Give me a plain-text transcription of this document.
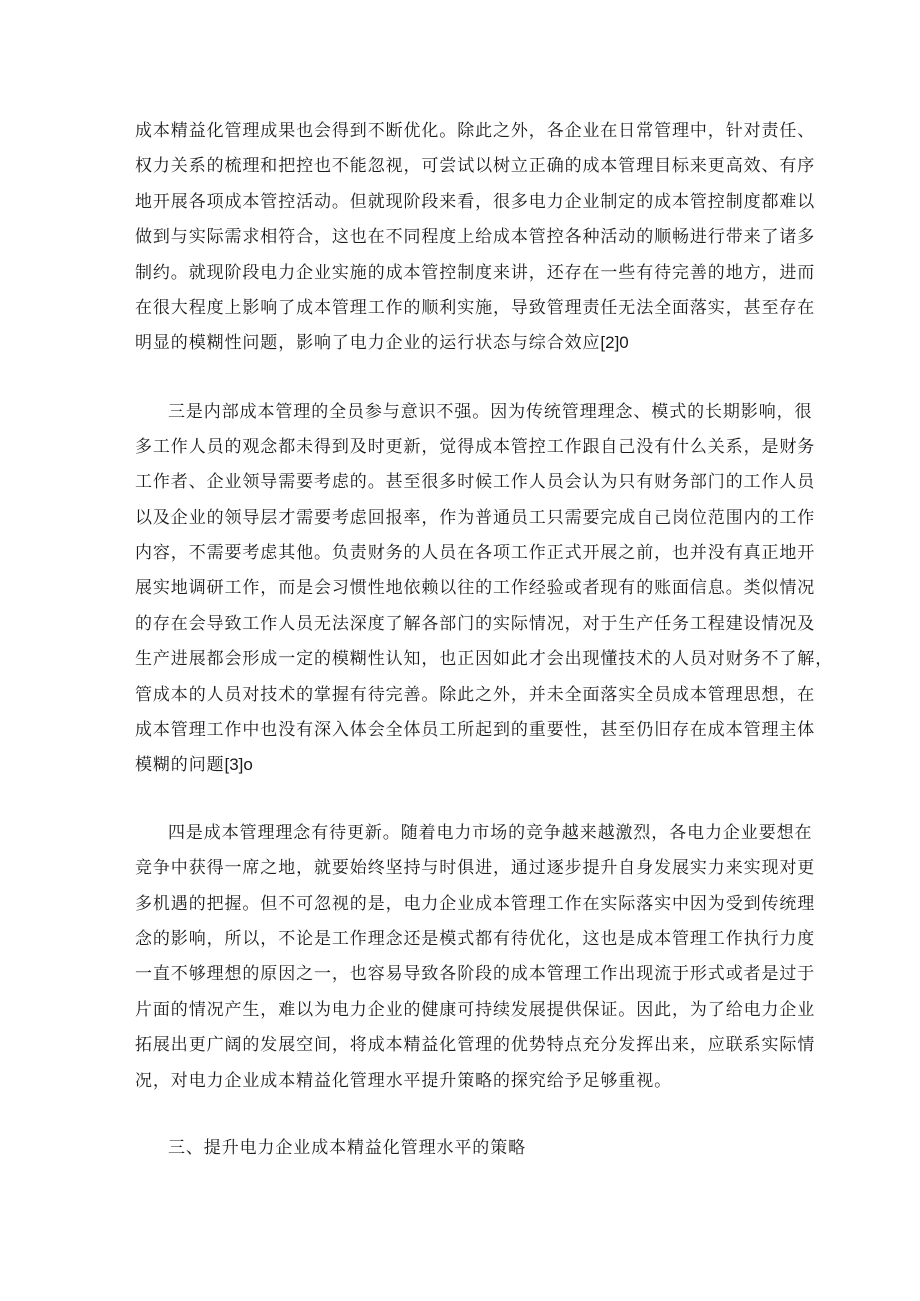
成本精益化管理成果也会得到不断优化。除此之外，各企业在日常管理中，针对责任、
权力关系的梳理和把控也不能忽视，可尝试以树立正确的成本管理目标来更高效、有序
地开展各项成本管控活动。但就现阶段来看，很多电力企业制定的成本管控制度都难以
做到与实际需求相符合，这也在不同程度上给成本管控各种活动的顺畅进行带来了诸多
制约。就现阶段电力企业实施的成本管控制度来讲，还存在一些有待完善的地方，进而
在很大程度上影响了成本管理工作的顺利实施，导致管理责任无法全面落实，甚至存在
明显的模糊性问题，影响了电力企业的运行状态与综合效应[2]0
三是内部成本管理的全员参与意识不强。因为传统管理理念、模式的长期影响，很
多工作人员的观念都未得到及时更新，觉得成本管控工作跟自己没有什么关系，是财务
工作者、企业领导需要考虑的。甚至很多时候工作人员会认为只有财务部门的工作人员
以及企业的领导层才需要考虑回报率，作为普通员工只需要完成自己岗位范围内的工作
内容，不需要考虑其他。负责财务的人员在各项工作正式开展之前，也并没有真正地开
展实地调研工作，而是会习惯性地依赖以往的工作经验或者现有的账面信息。类似情况
的存在会导致工作人员无法深度了解各部门的实际情况，对于生产任务工程建设情况及
生产进展都会形成一定的模糊性认知，也正因如此才会出现懂技术的人员对财务不了解，
管成本的人员对技术的掌握有待完善。除此之外，并未全面落实全员成本管理思想，在
成本管理工作中也没有深入体会全体员工所起到的重要性，甚至仍旧存在成本管理主体
模糊的问题[3]o
四是成本管理理念有待更新。随着电力市场的竞争越来越激烈，各电力企业要想在
竞争中获得一席之地，就要始终坚持与时俱进，通过逐步提升自身发展实力来实现对更
多机遇的把握。但不可忽视的是，电力企业成本管理工作在实际落实中因为受到传统理
念的影响，所以，不论是工作理念还是模式都有待优化，这也是成本管理工作执行力度
一直不够理想的原因之一，也容易导致各阶段的成本管理工作出现流于形式或者是过于
片面的情况产生，难以为电力企业的健康可持续发展提供保证。因此，为了给电力企业
拓展出更广阔的发展空间，将成本精益化管理的优势特点充分发挥出来，应联系实际情
况，对电力企业成本精益化管理水平提升策略的探究给予足够重视。
三、提升电力企业成本精益化管理水平的策略
